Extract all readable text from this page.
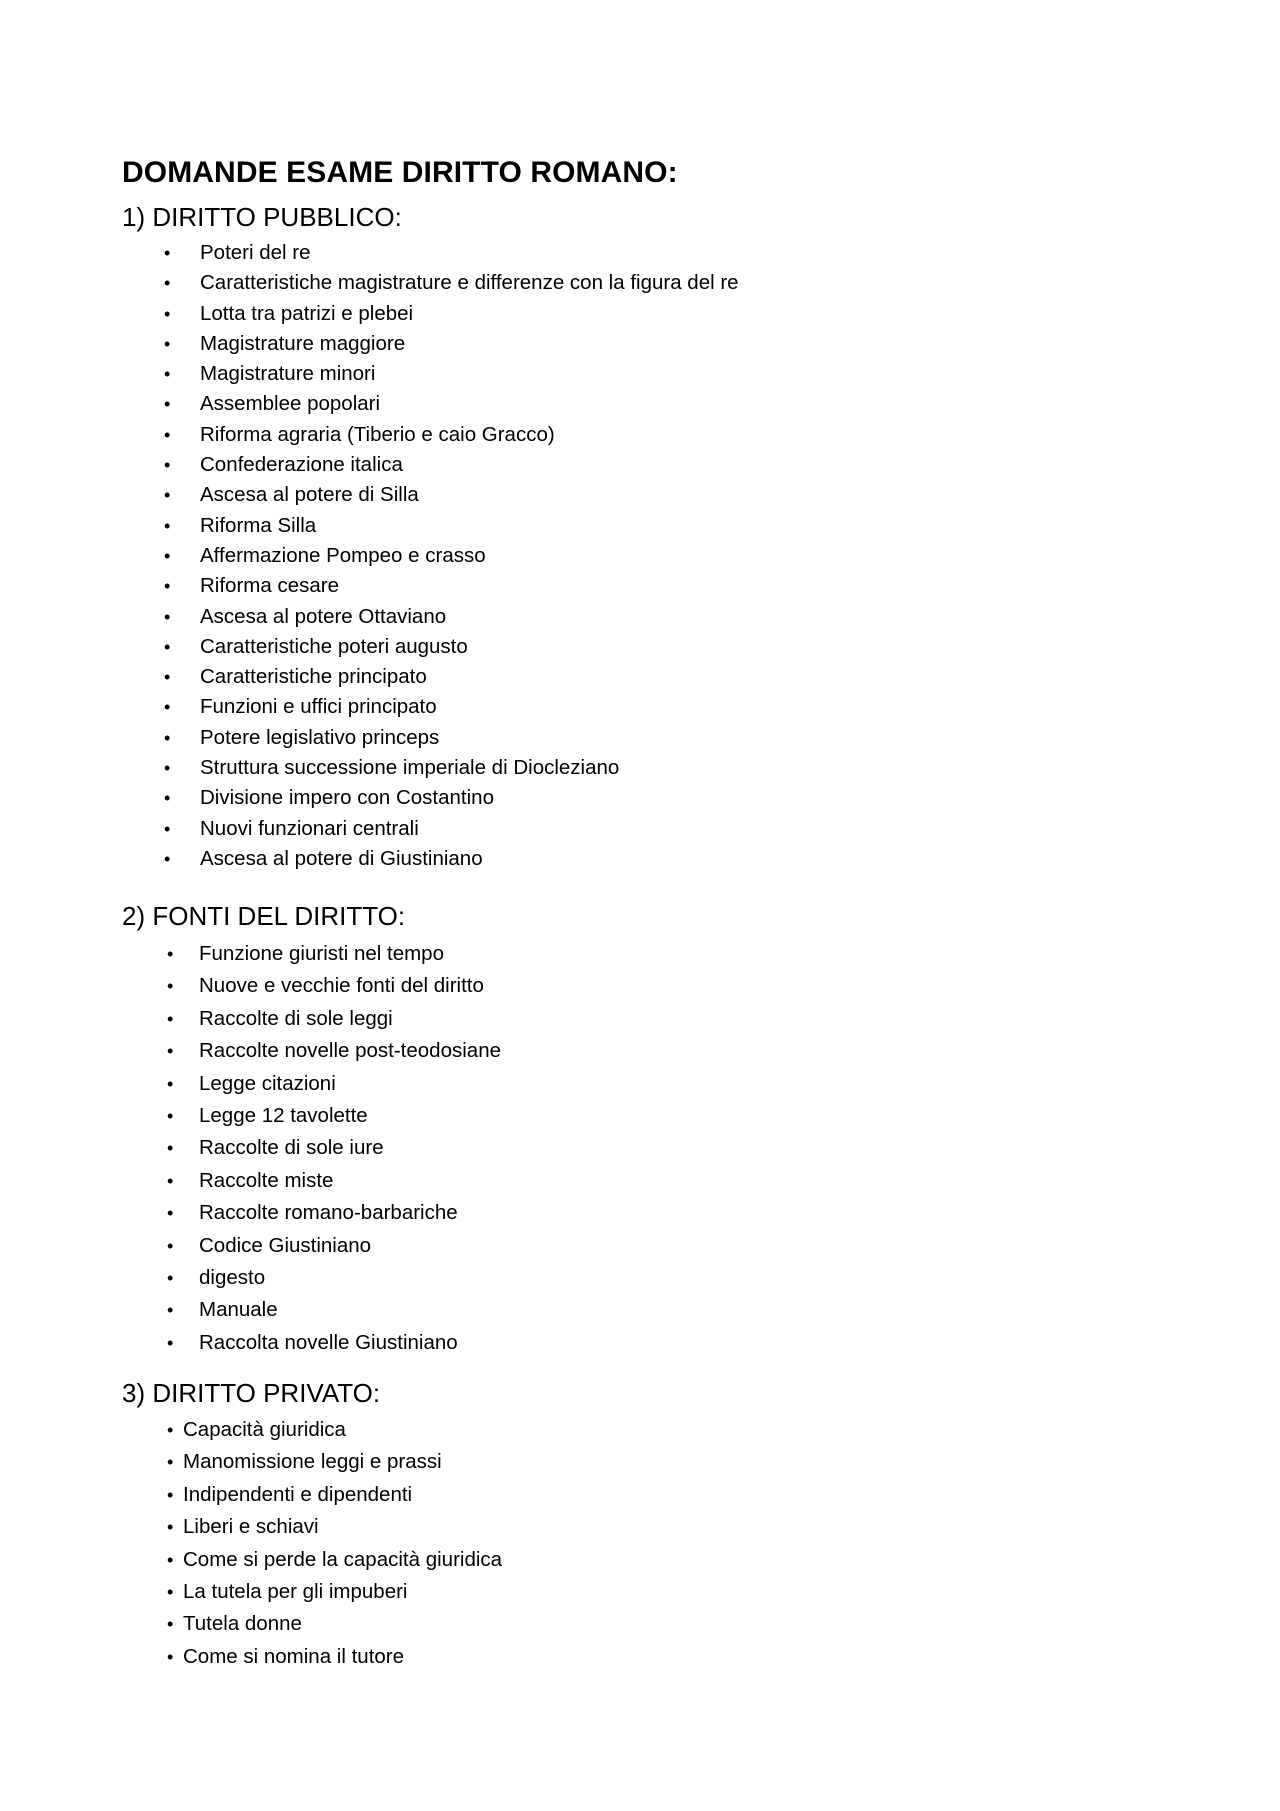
DOMANDE ESAME DIRITTO ROMANO:
1) DIRITTO PUBBLICO:
• Poteri del re
• Caratteristiche magistrature e differenze con la figura del re
• Lotta tra patrizi e plebei
• Magistrature maggiore
• Magistrature minori
• Assemblee popolari
• Riforma agraria (Tiberio e caio Gracco)
• Confederazione italica
• Ascesa al potere di Silla
• Riforma Silla
• Affermazione Pompeo e crasso
• Riforma cesare
• Ascesa al potere Ottaviano
• Caratteristiche poteri augusto
• Caratteristiche principato
• Funzioni e uffici principato
• Potere legislativo princeps
• Struttura successione imperiale di Diocleziano
• Divisione impero con Costantino
• Nuovi funzionari centrali
• Ascesa al potere di Giustiniano
2) FONTI DEL DIRITTO:
• Funzione giuristi nel tempo
• Nuove e vecchie fonti del diritto
• Raccolte di sole leggi
• Raccolte novelle post-teodosiane
• Legge citazioni
• Legge 12 tavolette
• Raccolte di sole iure
• Raccolte miste
• Raccolte romano-barbariche
• Codice Giustiniano
• digesto
• Manuale
• Raccolta novelle Giustiniano
3) DIRITTO PRIVATO:
• Capacità giuridica
• Manomissione leggi e prassi
• Indipendenti e dipendenti
• Liberi e schiavi
• Come si perde la capacità giuridica
• La tutela per gli impuberi
• Tutela donne
• Come si nomina il tutore
